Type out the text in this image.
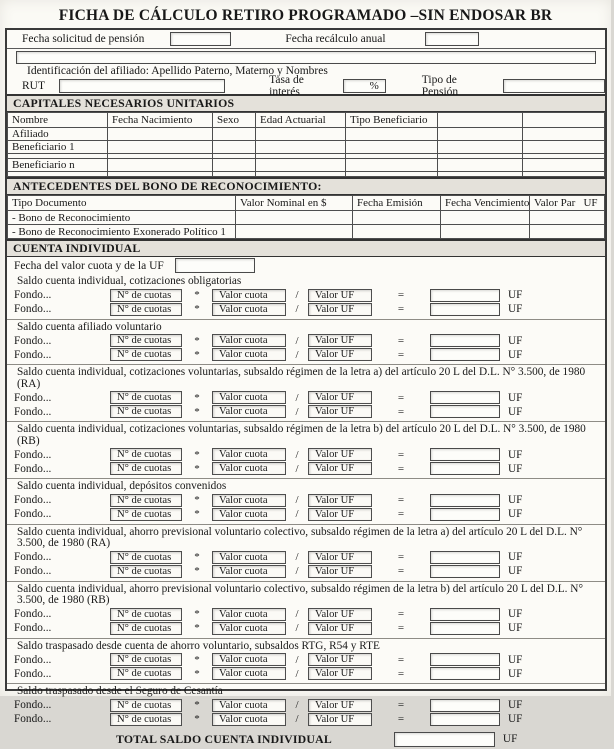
FICHA DE CÁLCULO RETIRO PROGRAMADO –SIN ENDOSAR BR
Fecha solicitud de pensión	Fecha recálculo anual
Identificación del afiliado: Apellido Paterno, Materno y Nombres
RUT	Tasa de interés	%	Tipo de Pensión
CAPITALES NECESARIOS UNITARIOS
Nombre	Fecha Nacimiento	Sexo	Edad Actuarial	Tipo Beneficiario		
Afiliado						
Beneficiario 1						

Beneficiario n						

ANTECEDENTES DEL BONO DE RECONOCIMIENTO:
Tipo Documento	Valor Nominal en $	Fecha Emisión	Fecha Vencimiento	Valor Par   UF
- Bono de Reconocimiento				
- Bono de Reconocimiento Exonerado Político 1				
CUENTA INDIVIDUAL
Fecha del valor cuota y de la UF
Saldo cuenta individual, cotizaciones obligatorias
Fondo...	N° de cuotas	*	Valor cuota	/	Valor UF	=	UF
Fondo...	N° de cuotas	*	Valor cuota	/	Valor UF	=	UF
Saldo cuenta afiliado voluntario
Fondo...	N° de cuotas	*	Valor cuota	/	Valor UF	=	UF
Fondo...	N° de cuotas	*	Valor cuota	/	Valor UF	=	UF
Saldo cuenta individual, cotizaciones voluntarias, subsaldo régimen de la letra a) del artículo 20 L del D.L. N° 3.500, de 1980 (RA)
Fondo...	N° de cuotas	*	Valor cuota	/	Valor UF	=	UF
Fondo...	N° de cuotas	*	Valor cuota	/	Valor UF	=	UF
Saldo cuenta individual, cotizaciones voluntarias, subsaldo régimen de la letra b) del artículo 20 L del D.L. N° 3.500, de 1980 (RB)
Fondo...	N° de cuotas	*	Valor cuota	/	Valor UF	=	UF
Fondo...	N° de cuotas	*	Valor cuota	/	Valor UF	=	UF
Saldo cuenta individual, depósitos convenidos
Fondo...	N° de cuotas	*	Valor cuota	/	Valor UF	=	UF
Fondo...	N° de cuotas	*	Valor cuota	/	Valor UF	=	UF
Saldo cuenta individual, ahorro previsional voluntario colectivo, subsaldo régimen de la letra a) del artículo 20 L del D.L. N° 3.500, de 1980 (RA)
Fondo...	N° de cuotas	*	Valor cuota	/	Valor UF	=	UF
Fondo...	N° de cuotas	*	Valor cuota	/	Valor UF	=	UF
Saldo cuenta individual, ahorro previsional voluntario colectivo, subsaldo régimen de la letra b) del artículo 20 L del D.L. N° 3.500, de 1980 (RB)
Fondo...	N° de cuotas	*	Valor cuota	/	Valor UF	=	UF
Fondo...	N° de cuotas	*	Valor cuota	/	Valor UF	=	UF
Saldo traspasado desde cuenta de ahorro voluntario, subsaldos RTG, R54 y RTE
Fondo...	N° de cuotas	*	Valor cuota	/	Valor UF	=	UF
Fondo...	N° de cuotas	*	Valor cuota	/	Valor UF	=	UF
Saldo traspasado desde el Seguro de Cesantía
Fondo...	N° de cuotas	*	Valor cuota	/	Valor UF	=	UF
Fondo...	N° de cuotas	*	Valor cuota	/	Valor UF	=	UF
TOTAL SALDO CUENTA INDIVIDUAL	UF
